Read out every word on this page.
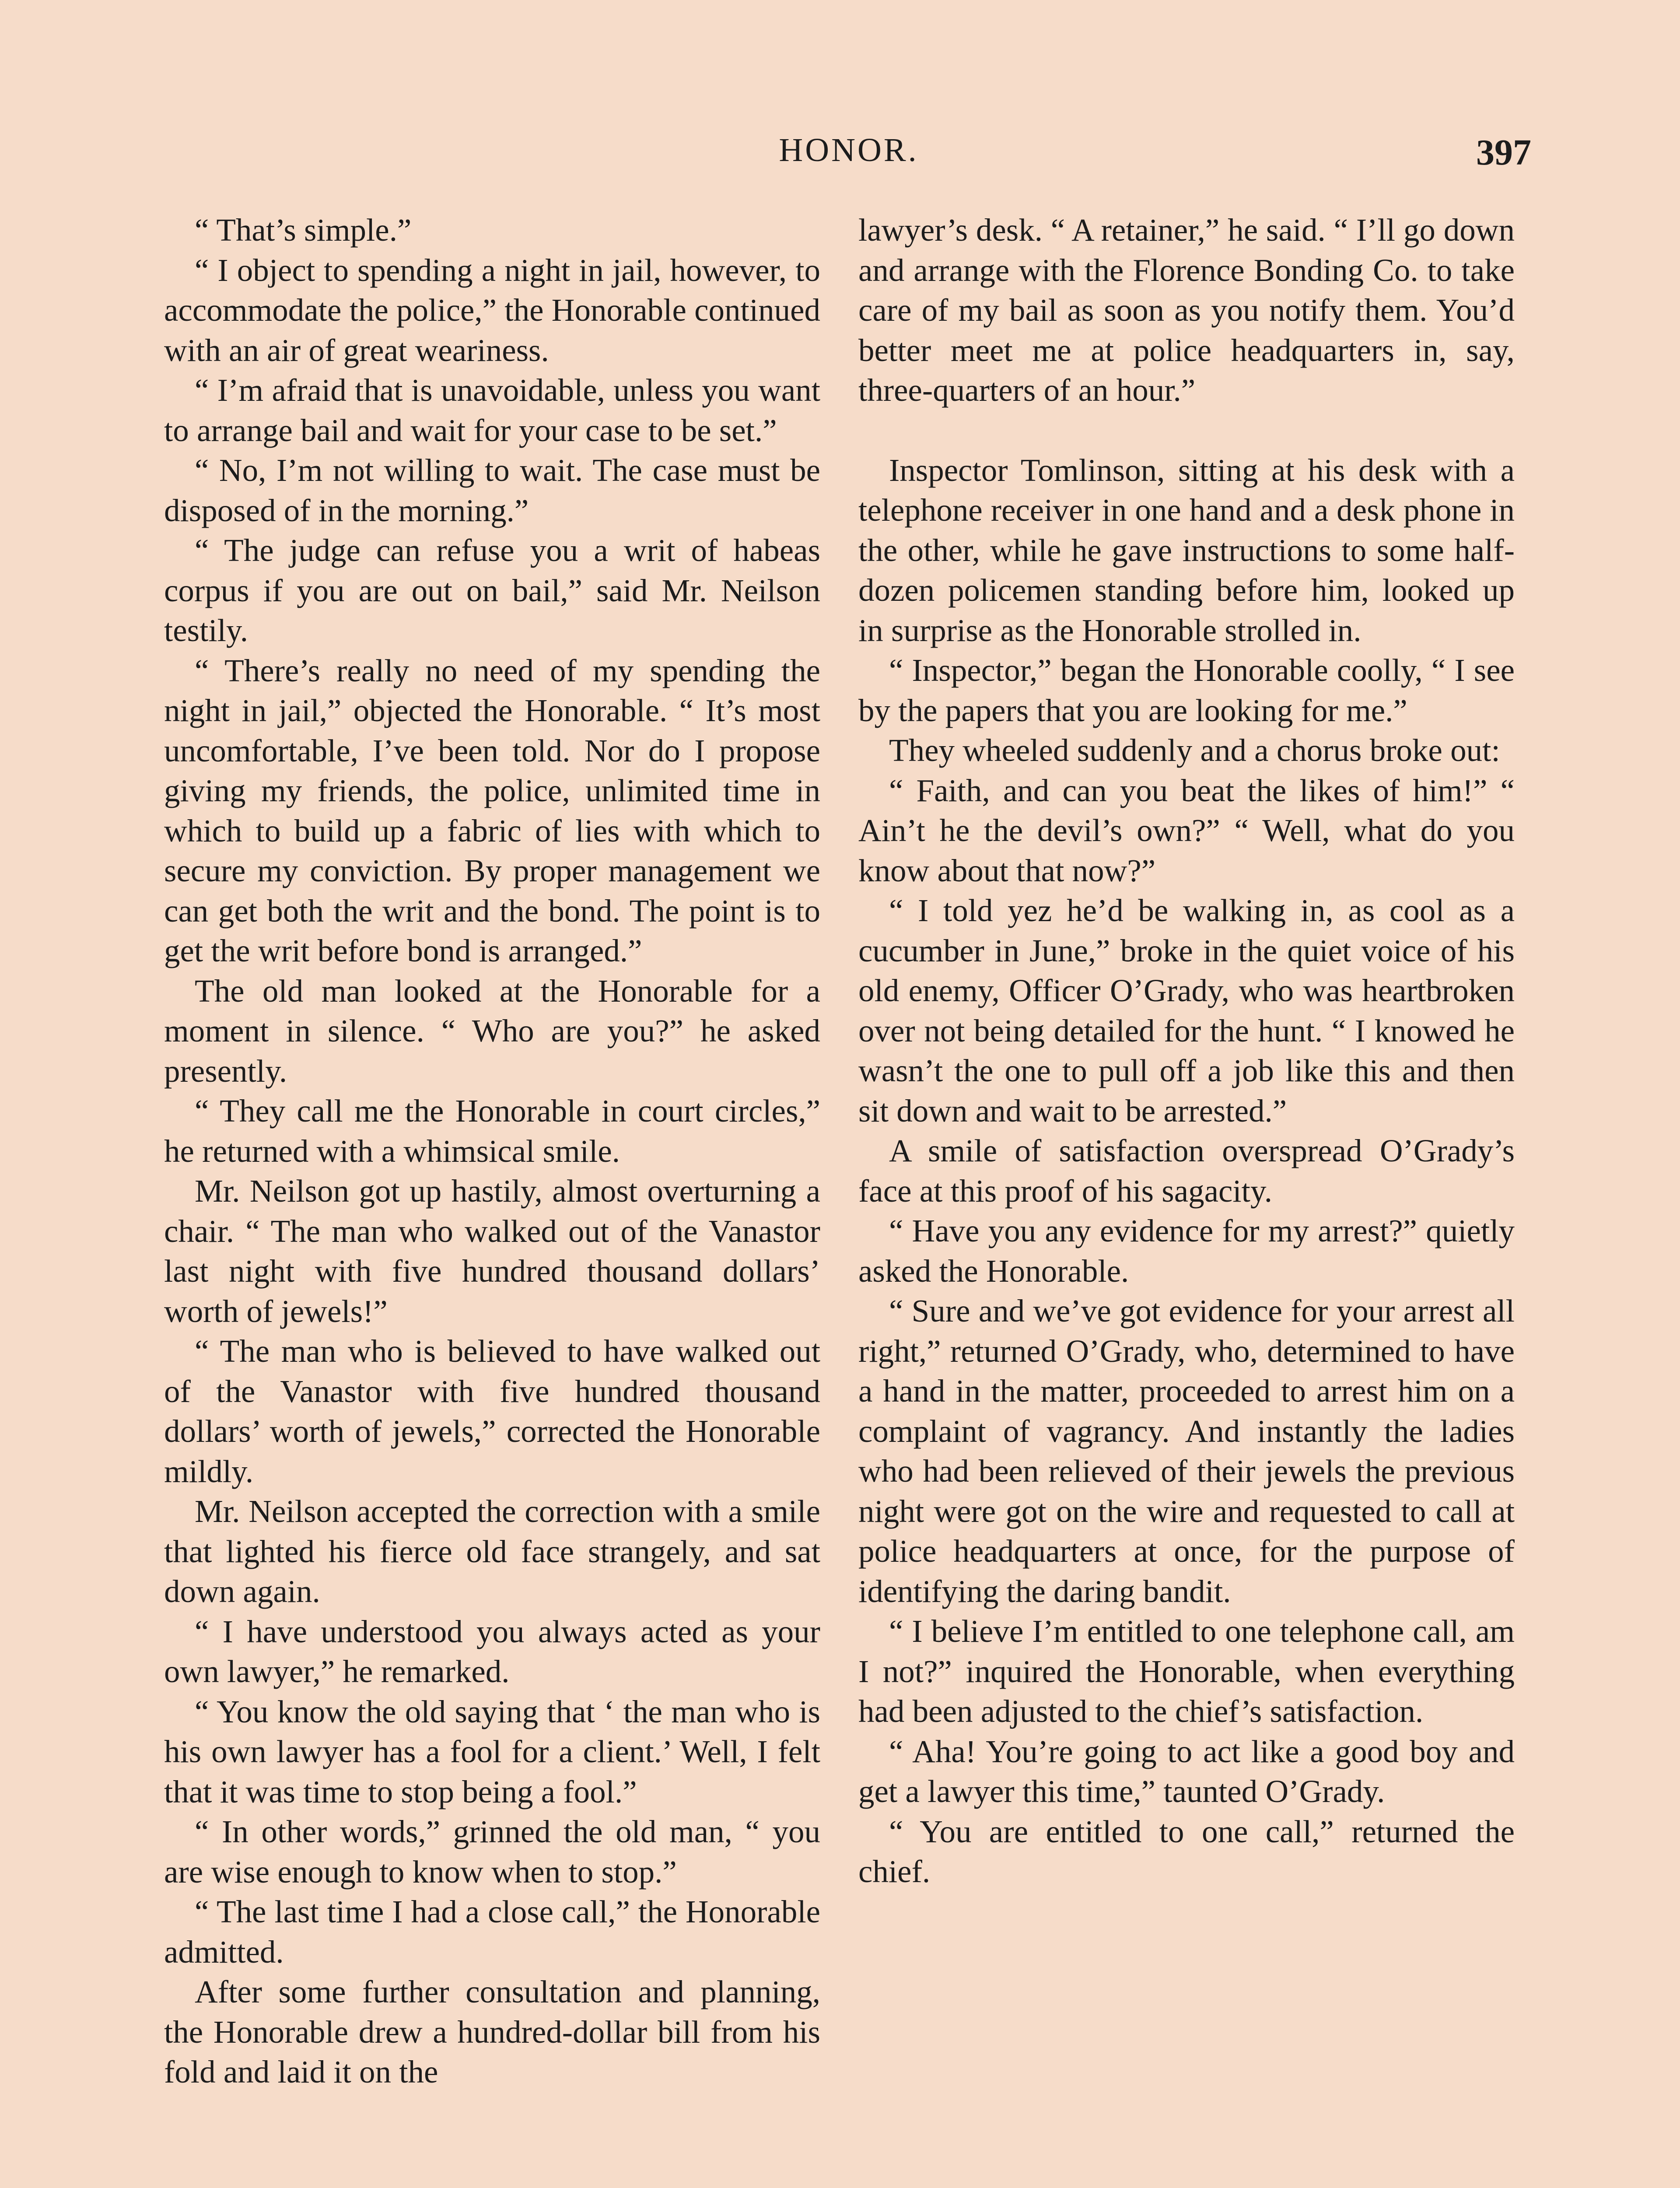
HONOR.	397

“ That’s simple.”

“ I object to spending a night in jail, however, to accommodate the police,” the Honorable continued with an air of great weariness.

“ I’m afraid that is unavoidable, unless you want to arrange bail and wait for your case to be set.”

“ No, I’m not willing to wait. The case must be disposed of in the morning.”

“ The judge can refuse you a writ of habeas corpus if you are out on bail,” said Mr. Neilson testily.

“ There’s really no need of my spending the night in jail,” objected the Honorable. “ It’s most uncomfortable, I’ve been told. Nor do I propose giving my friends, the police, unlimited time in which to build up a fabric of lies with which to secure my conviction. By proper management we can get both the writ and the bond. The point is to get the writ before bond is arranged.”

The old man looked at the Honorable for a moment in silence. “ Who are you?” he asked presently.

“ They call me the Honorable in court circles,” he returned with a whimsical smile.

Mr. Neilson got up hastily, almost overturning a chair. “ The man who walked out of the Vanastor last night with five hundred thousand dollars’ worth of jewels!”

“ The man who is believed to have walked out of the Vanastor with five hundred thousand dollars’ worth of jewels,” corrected the Honorable mildly.

Mr. Neilson accepted the correction with a smile that lighted his fierce old face strangely, and sat down again.

“ I have understood you always acted as your own lawyer,” he remarked.

“ You know the old saying that ‘ the man who is his own lawyer has a fool for a client.’ Well, I felt that it was time to stop being a fool.”

“ In other words,” grinned the old man, “ you are wise enough to know when to stop.”

“ The last time I had a close call,” the Honorable admitted.

After some further consultation and planning, the Honorable drew a hundred-dollar bill from his fold and laid it on the

lawyer’s desk. “ A retainer,” he said. “ I’ll go down and arrange with the Florence Bonding Co. to take care of my bail as soon as you notify them. You’d better meet me at police headquarters in, say, three-quarters of an hour.”

Inspector Tomlinson, sitting at his desk with a telephone receiver in one hand and a desk phone in the other, while he gave instructions to some half-dozen policemen standing before him, looked up in surprise as the Honorable strolled in.

“ Inspector,” began the Honorable coolly, “ I see by the papers that you are looking for me.”

They wheeled suddenly and a chorus broke out:

“ Faith, and can you beat the likes of him!” “ Ain’t he the devil’s own?” “ Well, what do you know about that now?”

“ I told yez he’d be walking in, as cool as a cucumber in June,” broke in the quiet voice of his old enemy, Officer O’Grady, who was heartbroken over not being detailed for the hunt. “ I knowed he wasn’t the one to pull off a job like this and then sit down and wait to be arrested.”

A smile of satisfaction overspread O’Grady’s face at this proof of his sagacity.

“ Have you any evidence for my arrest?” quietly asked the Honorable.

“ Sure and we’ve got evidence for your arrest all right,” returned O’Grady, who, determined to have a hand in the matter, proceeded to arrest him on a complaint of vagrancy. And instantly the ladies who had been relieved of their jewels the previous night were got on the wire and requested to call at police headquarters at once, for the purpose of identifying the daring bandit.

“ I believe I’m entitled to one telephone call, am I not?” inquired the Honorable, when everything had been adjusted to the chief’s satisfaction.

“ Aha! You’re going to act like a good boy and get a lawyer this time,” taunted O’Grady.

“ You are entitled to one call,” returned the chief.
